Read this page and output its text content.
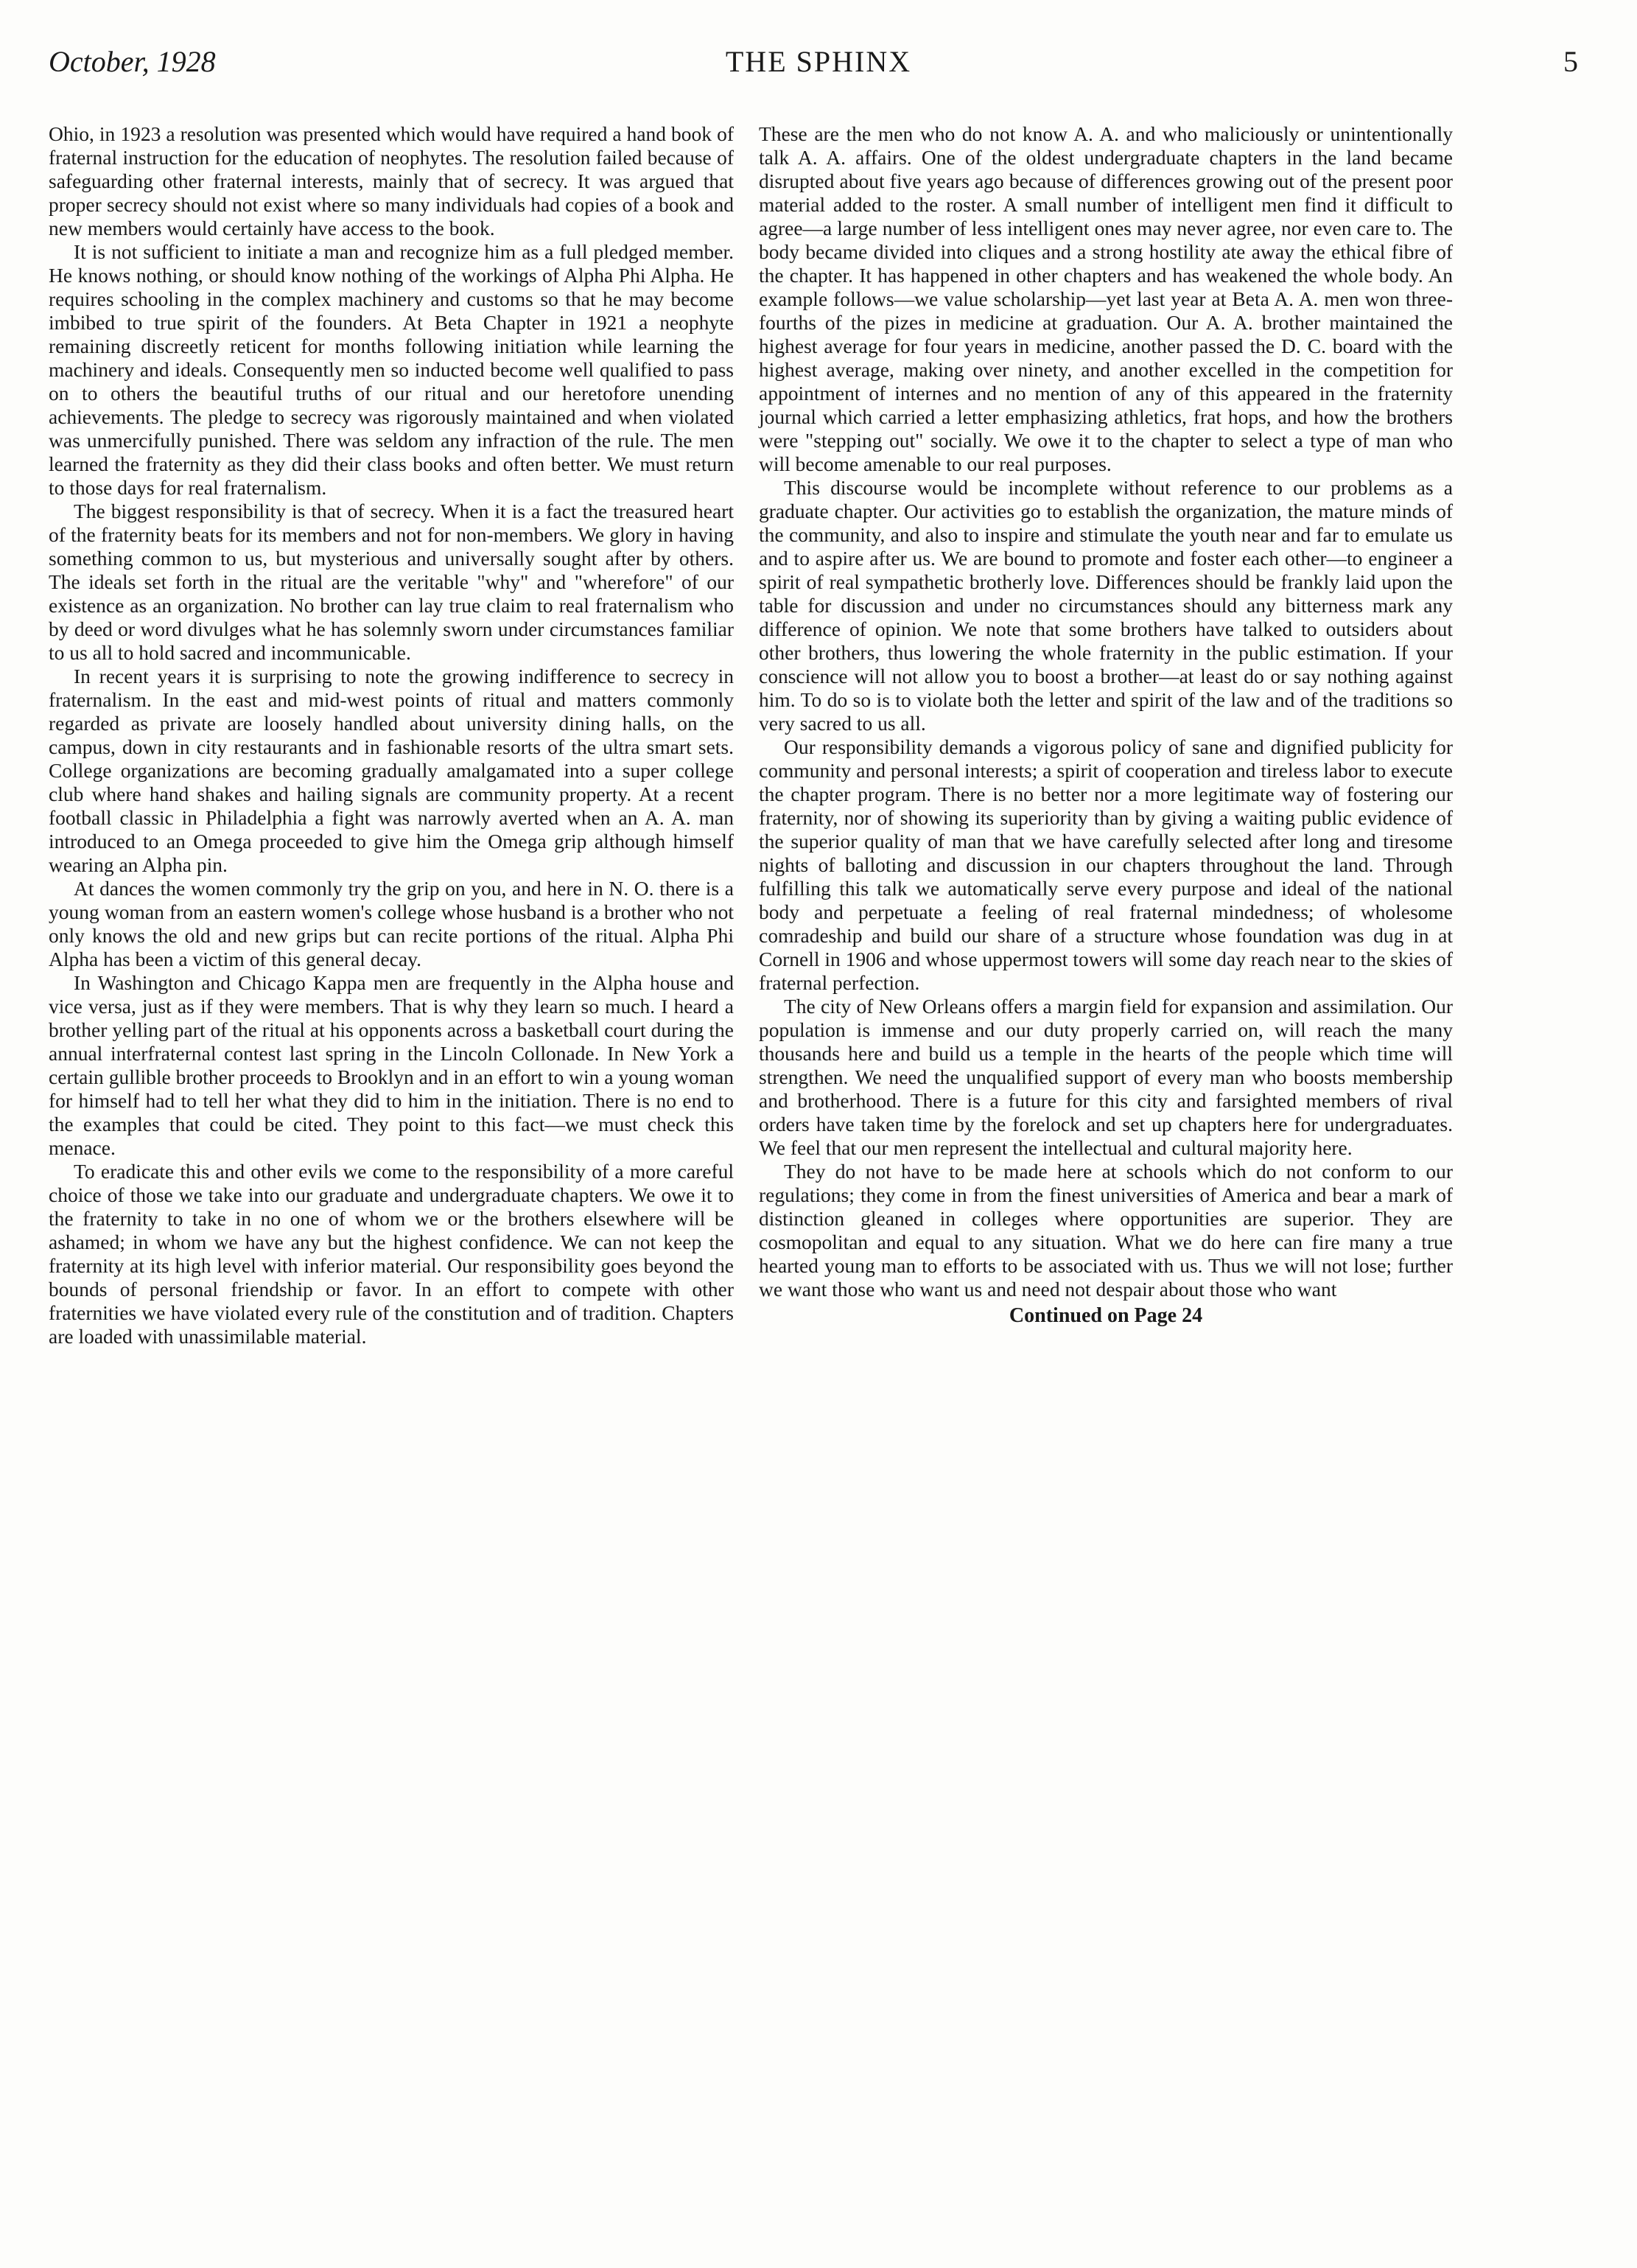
October, 1928	THE SPHINX	5

Ohio, in 1923 a resolution was presented which would have required a hand book of fraternal instruction for the education of neophytes. The resolution failed because of safeguarding other fraternal interests, mainly that of secrecy. It was argued that proper secrecy should not exist where so many individuals had copies of a book and new members would certainly have access to the book.

It is not sufficient to initiate a man and recognize him as a full pledged member. He knows nothing, or should know nothing of the workings of Alpha Phi Alpha. He requires schooling in the complex machinery and customs so that he may become imbibed to true spirit of the founders. At Beta Chapter in 1921 a neophyte remaining discreetly reticent for months following initiation while learning the machinery and ideals. Consequently men so inducted become well qualified to pass on to others the beautiful truths of our ritual and our heretofore unending achievements. The pledge to secrecy was rigorously maintained and when violated was unmercifully punished. There was seldom any infraction of the rule. The men learned the fraternity as they did their class books and often better. We must return to those days for real fraternalism.

The biggest responsibility is that of secrecy. When it is a fact the treasured heart of the fraternity beats for its members and not for non-members. We glory in having something common to us, but mysterious and universally sought after by others. The ideals set forth in the ritual are the veritable "why" and "wherefore" of our existence as an organization. No brother can lay true claim to real fraternalism who by deed or word divulges what he has solemnly sworn under circumstances familiar to us all to hold sacred and incommunicable.

In recent years it is surprising to note the growing indifference to secrecy in fraternalism. In the east and mid-west points of ritual and matters commonly regarded as private are loosely handled about university dining halls, on the campus, down in city restaurants and in fashionable resorts of the ultra smart sets. College organizations are becoming gradually amalgamated into a super college club where hand shakes and hailing signals are community property. At a recent football classic in Philadelphia a fight was narrowly averted when an A. A. man introduced to an Omega proceeded to give him the Omega grip although himself wearing an Alpha pin.

At dances the women commonly try the grip on you, and here in N. O. there is a young woman from an eastern women's college whose husband is a brother who not only knows the old and new grips but can recite portions of the ritual. Alpha Phi Alpha has been a victim of this general decay.

In Washington and Chicago Kappa men are frequently in the Alpha house and vice versa, just as if they were members. That is why they learn so much. I heard a brother yelling part of the ritual at his opponents across a basketball court during the annual interfraternal contest last spring in the Lincoln Collonade. In New York a certain gullible brother proceeds to Brooklyn and in an effort to win a young woman for himself had to tell her what they did to him in the initiation. There is no end to the examples that could be cited. They point to this fact—we must check this menace.

To eradicate this and other evils we come to the responsibility of a more careful choice of those we take into our graduate and undergraduate chapters. We owe it to the fraternity to take in no one of whom we or the brothers elsewhere will be ashamed; in whom we have any but the highest confidence. We can not keep the fraternity at its high level with inferior material. Our responsibility goes beyond the bounds of personal friendship or favor. In an effort to compete with other fraternities we have violated every rule of the constitution and of tradition. Chapters are loaded with unassimilable material.

These are the men who do not know A. A. and who maliciously or unintentionally talk A. A. affairs. One of the oldest undergraduate chapters in the land became disrupted about five years ago because of differences growing out of the present poor material added to the roster. A small number of intelligent men find it difficult to agree—a large number of less intelligent ones may never agree, nor even care to. The body became divided into cliques and a strong hostility ate away the ethical fibre of the chapter. It has happened in other chapters and has weakened the whole body. An example follows—we value scholarship—yet last year at Beta A. A. men won three-fourths of the pizes in medicine at graduation. Our A. A. brother maintained the highest average for four years in medicine, another passed the D. C. board with the highest average, making over ninety, and another excelled in the competition for appointment of internes and no mention of any of this appeared in the fraternity journal which carried a letter emphasizing athletics, frat hops, and how the brothers were "stepping out" socially. We owe it to the chapter to select a type of man who will become amenable to our real purposes.

This discourse would be incomplete without reference to our problems as a graduate chapter. Our activities go to establish the organization, the mature minds of the community, and also to inspire and stimulate the youth near and far to emulate us and to aspire after us. We are bound to promote and foster each other—to engineer a spirit of real sympathetic brotherly love. Differences should be frankly laid upon the table for discussion and under no circumstances should any bitterness mark any difference of opinion. We note that some brothers have talked to outsiders about other brothers, thus lowering the whole fraternity in the public estimation. If your conscience will not allow you to boost a brother—at least do or say nothing against him. To do so is to violate both the letter and spirit of the law and of the traditions so very sacred to us all.

Our responsibility demands a vigorous policy of sane and dignified publicity for community and personal interests; a spirit of cooperation and tireless labor to execute the chapter program. There is no better nor a more legitimate way of fostering our fraternity, nor of showing its superiority than by giving a waiting public evidence of the superior quality of man that we have carefully selected after long and tiresome nights of balloting and discussion in our chapters throughout the land. Through fulfilling this talk we automatically serve every purpose and ideal of the national body and perpetuate a feeling of real fraternal mindedness; of wholesome comradeship and build our share of a structure whose foundation was dug in at Cornell in 1906 and whose uppermost towers will some day reach near to the skies of fraternal perfection.

The city of New Orleans offers a margin field for expansion and assimilation. Our population is immense and our duty properly carried on, will reach the many thousands here and build us a temple in the hearts of the people which time will strengthen. We need the unqualified support of every man who boosts membership and brotherhood. There is a future for this city and farsighted members of rival orders have taken time by the forelock and set up chapters here for undergraduates. We feel that our men represent the intellectual and cultural majority here.

They do not have to be made here at schools which do not conform to our regulations; they come in from the finest universities of America and bear a mark of distinction gleaned in colleges where opportunities are superior. They are cosmopolitan and equal to any situation. What we do here can fire many a true hearted young man to efforts to be associated with us. Thus we will not lose; further we want those who want us and need not despair about those who want

Continued on Page 24
